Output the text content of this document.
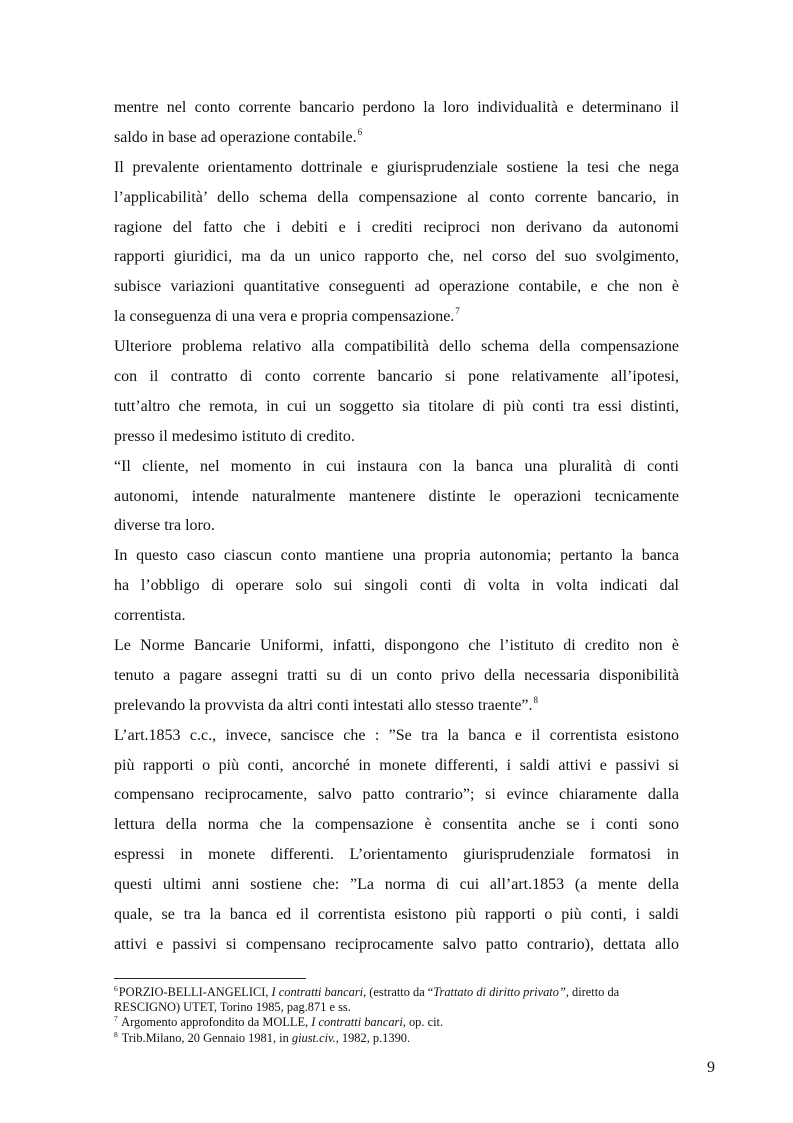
mentre nel conto corrente bancario perdono la loro individualità e determinano il
saldo in base ad operazione contabile.$^6$
Il prevalente orientamento dottrinale e giurisprudenziale sostiene la tesi che nega
l’applicabilità’ dello schema della compensazione al conto corrente bancario, in
ragione del fatto che i debiti e i crediti reciproci non derivano da autonomi
rapporti giuridici, ma da un unico rapporto che, nel corso del suo svolgimento,
subisce variazioni quantitative conseguenti ad operazione contabile, e che non è
la conseguenza di una vera e propria compensazione.$^7$
Ulteriore problema relativo alla compatibilità dello schema della compensazione
con il contratto di conto corrente bancario si pone relativamente all’ipotesi,
tutt’altro che remota, in cui un soggetto sia titolare di più conti tra essi distinti,
presso il medesimo istituto di credito.
“Il cliente, nel momento in cui instaura con la banca una pluralità di conti
autonomi, intende naturalmente mantenere distinte le operazioni tecnicamente
diverse tra loro.
In questo caso ciascun conto mantiene una propria autonomia; pertanto la banca
ha l’obbligo di operare solo sui singoli conti di volta in volta indicati dal
correntista.
Le Norme Bancarie Uniformi, infatti, dispongono che l’istituto di credito non è
tenuto a pagare assegni tratti su di un conto privo della necessaria disponibilità
prelevando la provvista da altri conti intestati allo stesso traente”.$^8$
L’art.1853 c.c., invece, sancisce che : ”Se tra la banca e il correntista esistono
più rapporti o più conti, ancorché in monete differenti, i saldi attivi e passivi si
compensano reciprocamente, salvo patto contrario”; si evince chiaramente dalla
lettura della norma che la compensazione è consentita anche se i conti sono
espressi in monete differenti. L’orientamento giurisprudenziale formatosi in
questi ultimi anni sostiene che: ”La norma di cui all’art.1853 (a mente della
quale, se tra la banca ed il correntista esistono più rapporti o più conti, i saldi
attivi e passivi si compensano reciprocamente salvo patto contrario), dettata allo
$^6$PORZIO-BELLI-ANGELICI, I contratti bancari, (estratto da “Trattato di diritto privato”, diretto da
RESCIGNO) UTET, Torino 1985, pag.871 e ss.
$^7$ Argomento approfondito da MOLLE, I contratti bancari, op. cit.
$^8$ Trib.Milano, 20 Gennaio 1981, in giust.civ., 1982, p.1390.
9
